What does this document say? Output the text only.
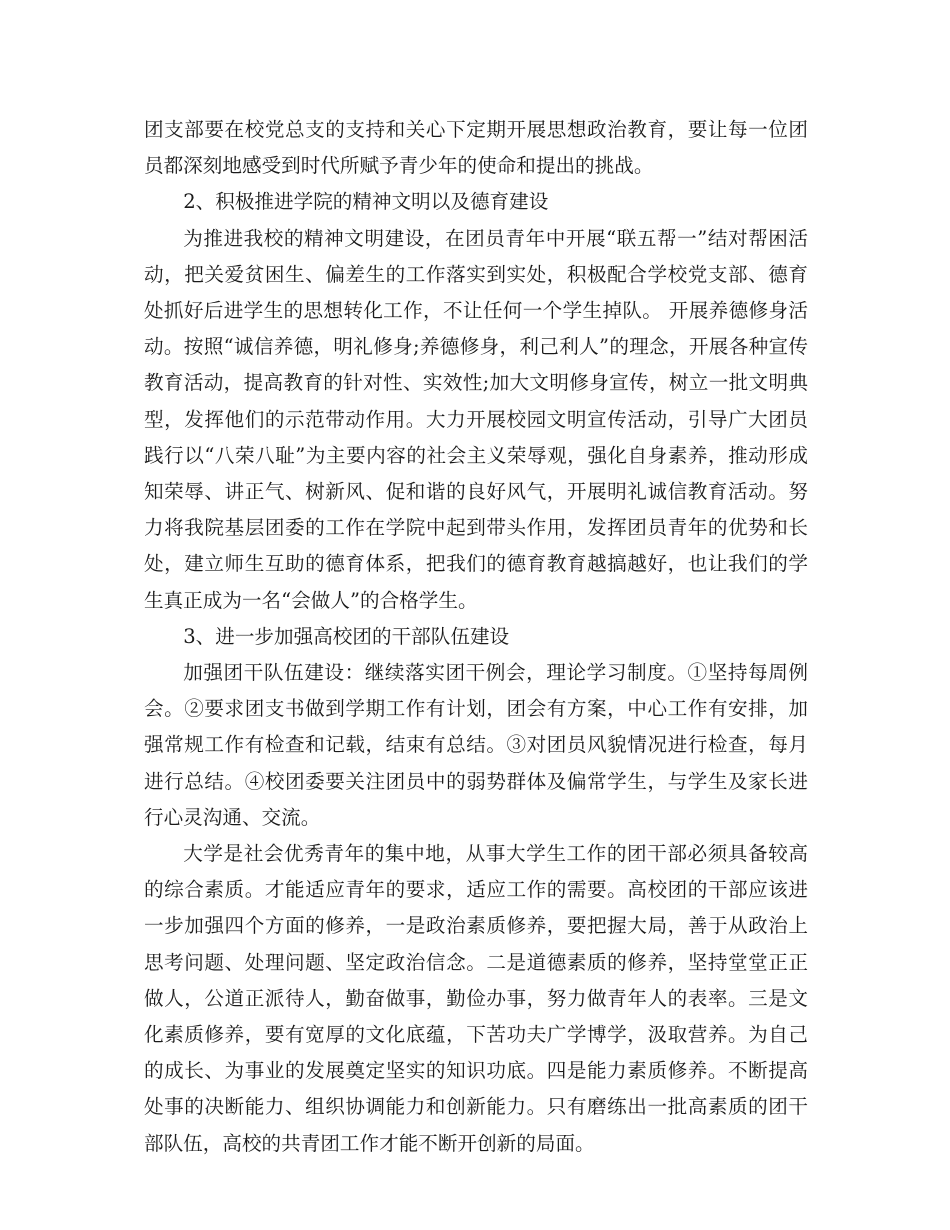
团支部要在校党总支的支持和关心下定期开展思想政治教育，要让每一位团员都深刻地感受到时代所赋予青少年的使命和提出的挑战。

2、积极推进学院的精神文明以及德育建设

为推进我校的精神文明建设，在团员青年中开展“联五帮一”结对帮困活动，把关爱贫困生、偏差生的工作落实到实处，积极配合学校党支部、德育处抓好后进学生的思想转化工作，不让任何一个学生掉队。 开展养德修身活动。按照“诚信养德，明礼修身;养德修身，利己利人”的理念，开展各种宣传教育活动，提高教育的针对性、实效性;加大文明修身宣传，树立一批文明典型，发挥他们的示范带动作用。大力开展校园文明宣传活动，引导广大团员践行以“八荣八耻”为主要内容的社会主义荣辱观，强化自身素养，推动形成知荣辱、讲正气、树新风、促和谐的良好风气，开展明礼诚信教育活动。努力将我院基层团委的工作在学院中起到带头作用，发挥团员青年的优势和长处，建立师生互助的德育体系，把我们的德育教育越搞越好，也让我们的学生真正成为一名“会做人”的合格学生。

3、进一步加强高校团的干部队伍建设

加强团干队伍建设：继续落实团干例会，理论学习制度。①坚持每周例会。②要求团支书做到学期工作有计划，团会有方案，中心工作有安排，加强常规工作有检查和记载，结束有总结。③对团员风貌情况进行检查，每月进行总结。④校团委要关注团员中的弱势群体及偏常学生，与学生及家长进行心灵沟通、交流。

大学是社会优秀青年的集中地，从事大学生工作的团干部必须具备较高的综合素质。才能适应青年的要求，适应工作的需要。高校团的干部应该进一步加强四个方面的修养，一是政治素质修养，要把握大局，善于从政治上思考问题、处理问题、坚定政治信念。二是道德素质的修养，坚持堂堂正正做人，公道正派待人，勤奋做事，勤俭办事，努力做青年人的表率。三是文化素质修养，要有宽厚的文化底蕴，下苦功夫广学博学，汲取营养。为自己的成长、为事业的发展奠定坚实的知识功底。四是能力素质修养。不断提高处事的决断能力、组织协调能力和创新能力。只有磨练出一批高素质的团干部队伍，高校的共青团工作才能不断开创新的局面。
